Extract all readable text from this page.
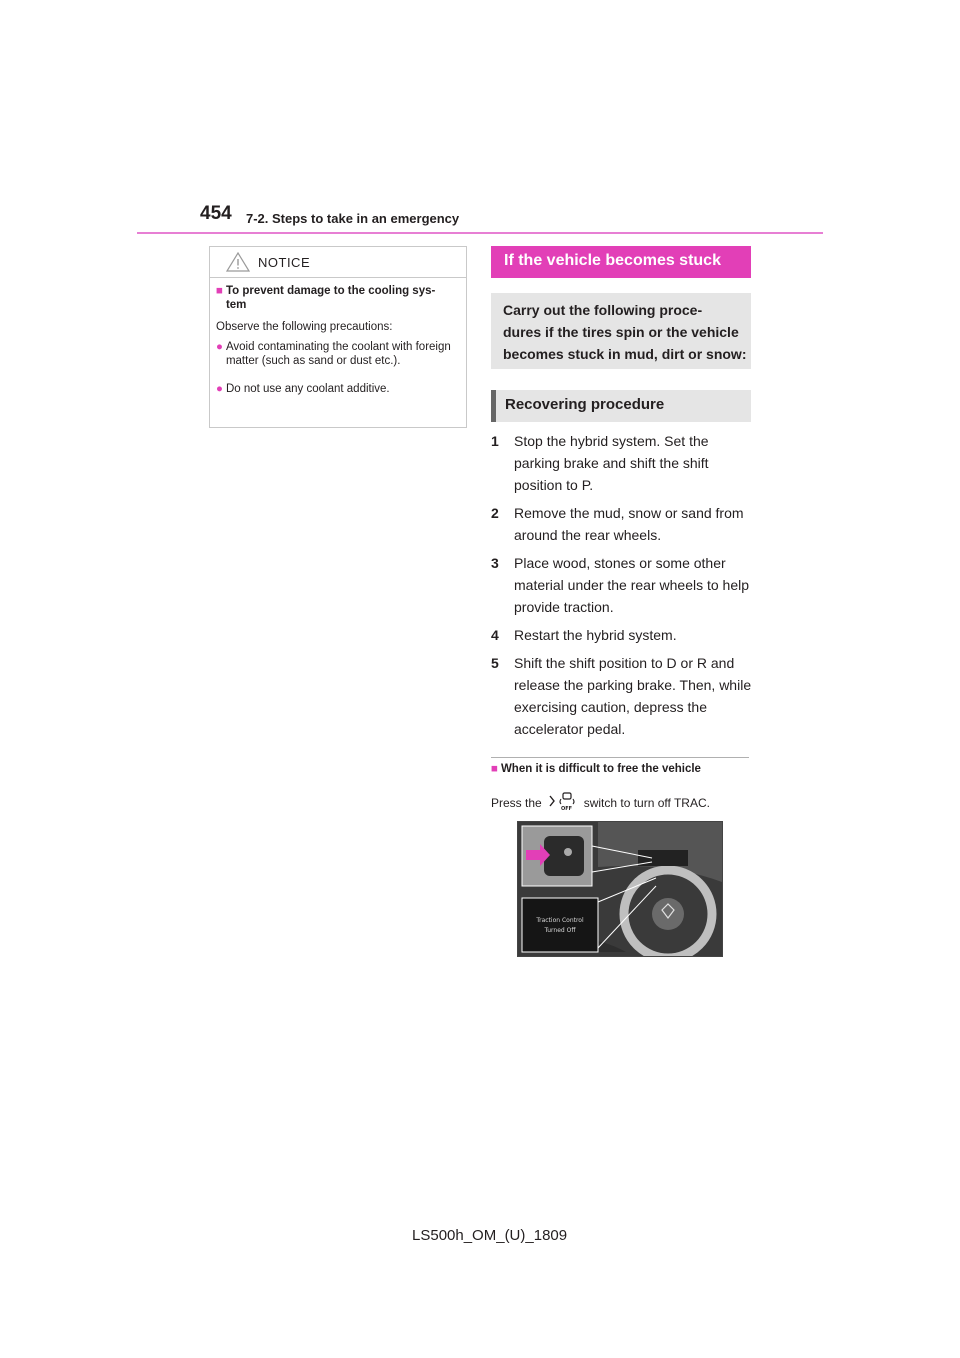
454 7-2. Steps to take in an emergency
NOTICE
■ To prevent damage to the cooling sys-
tem
Observe the following precautions:
● Avoid contaminating the coolant with foreign matter (such as sand or dust etc.).
● Do not use any coolant additive.
If the vehicle becomes stuck
Carry out the following proce-
dures if the tires spin or the vehicle
becomes stuck in mud, dirt or snow:
Recovering procedure
1	Stop the hybrid system. Set the parking brake and shift the shift position to P.
2	Remove the mud, snow or sand from around the rear wheels.
3	Place wood, stones or some other material under the rear wheels to help provide traction.
4	Restart the hybrid system.
5	Shift the shift position to D or R and release the parking brake. Then, while exercising caution, depress the accelerator pedal.
■ When it is difficult to free the vehicle
Press the	OFF switch to turn off TRAC.
Traction Control
Turned Off
LS500h_OM_(U)_1809
